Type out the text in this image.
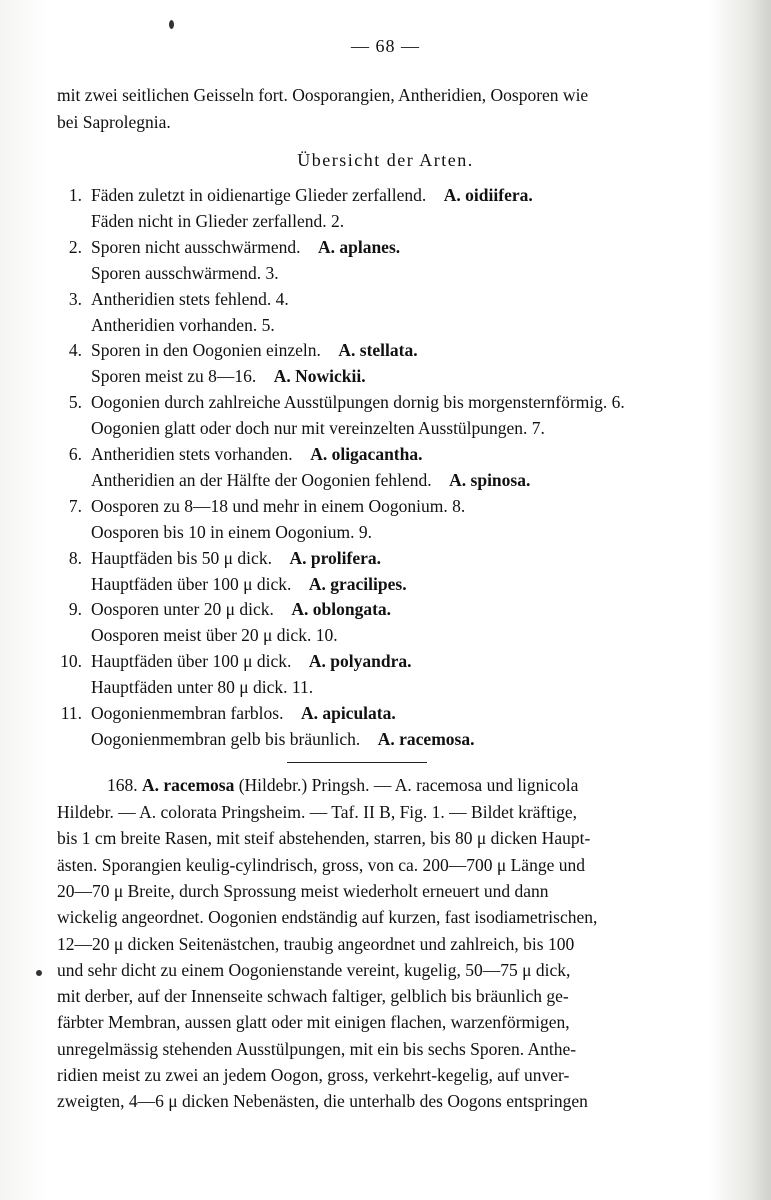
— 68 —
mit zwei seitlichen Geisseln fort. Oosporangien, Antheridien, Oosporen wie
bei Saprolegnia.
Übersicht der Arten.
1. Fäden zuletzt in oidienartige Glieder zerfallend.  A. oidiifera.
Fäden nicht in Glieder zerfallend. 2.
2. Sporen nicht ausschwärmend.  A. aplanes.
Sporen ausschwärmend. 3.
3. Antheridien stets fehlend. 4.
Antheridien vorhanden. 5.
4. Sporen in den Oogonien einzeln.  A. stellata.
Sporen meist zu 8—16.  A. Nowickii.
5. Oogonien durch zahlreiche Ausstülpungen dornig bis morgensternförmig. 6.
Oogonien glatt oder doch nur mit vereinzelten Ausstülpungen. 7.
6. Antheridien stets vorhanden.  A. oligacantha.
Antheridien an der Hälfte der Oogonien fehlend.  A. spinosa.
7. Oosporen zu 8—18 und mehr in einem Oogonium. 8.
Oosporen bis 10 in einem Oogonium. 9.
8. Hauptfäden bis 50 μ dick.  A. prolifera.
Hauptfäden über 100 μ dick.  A. gracilipes.
9. Oosporen unter 20 μ dick.  A. oblongata.
Oosporen meist über 20 μ dick. 10.
10. Hauptfäden über 100 μ dick.  A. polyandra.
Hauptfäden unter 80 μ dick. 11.
11. Oogonienmembran farblos.  A. apiculata.
Oogonienmembran gelb bis bräunlich.  A. racemosa.
168. A. racemosa (Hildebr.) Pringsh. — A. racemosa und lignicola
Hildebr. — A. colorata Pringsheim. — Taf. II B, Fig. 1. — Bildet kräftige,
bis 1 cm breite Rasen, mit steif abstehenden, starren, bis 80 μ dicken Haupt-
ästen. Sporangien keulig-cylindrisch, gross, von ca. 200—700 μ Länge und
20—70 μ Breite, durch Sprossung meist wiederholt erneuert und dann
wickelig angeordnet. Oogonien endständig auf kurzen, fast isodiametrischen,
12—20 μ dicken Seitenästchen, traubig angeordnet und zahlreich, bis 100
und sehr dicht zu einem Oogonienstande vereint, kugelig, 50—75 μ dick,
mit derber, auf der Innenseite schwach faltiger, gelblich bis bräunlich ge-
färbter Membran, aussen glatt oder mit einigen flachen, warzenförmigen,
unregelmässig stehenden Ausstülpungen, mit ein bis sechs Sporen. Anthe-
ridien meist zu zwei an jedem Oogon, gross, verkehrt-kegelig, auf unver-
zweigten, 4—6 μ dicken Nebenästen, die unterhalb des Oogons entspringen
